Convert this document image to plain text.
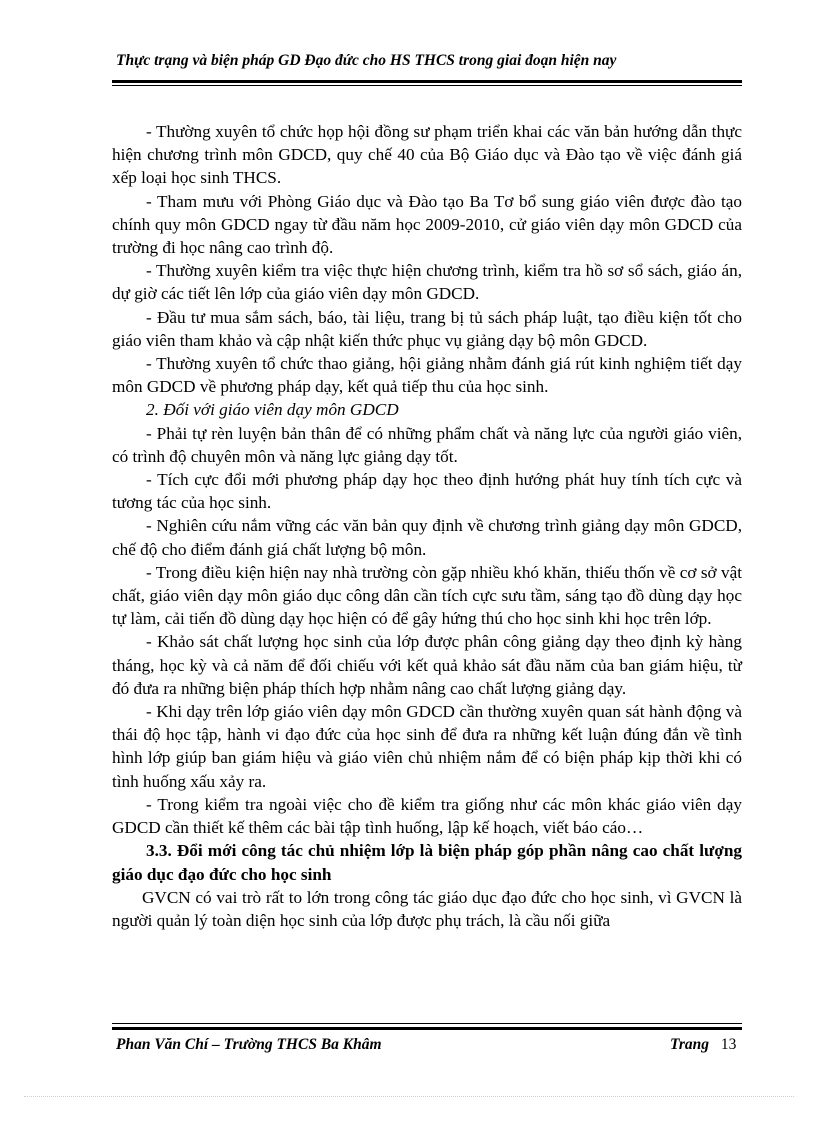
Thực trạng và biện pháp GD Đạo đức cho HS THCS trong giai đoạn hiện nay

- Thường xuyên tổ chức họp hội đồng sư phạm triển khai các văn bản hướng dẫn thực hiện chương trình môn GDCD, quy chế 40 của Bộ Giáo dục và Đào tạo về việc đánh giá xếp loại học sinh THCS.

- Tham mưu với Phòng Giáo dục và Đào tạo Ba Tơ bổ sung giáo viên được đào tạo chính quy môn GDCD ngay từ đầu năm học 2009-2010, cử giáo viên dạy môn GDCD của trường đi học nâng cao trình độ.

- Thường xuyên kiểm tra việc thực hiện chương trình, kiểm tra hồ sơ sổ sách, giáo án, dự giờ các tiết lên lớp của giáo viên dạy môn GDCD.

- Đầu tư mua sắm sách, báo, tài liệu, trang bị tủ sách pháp luật, tạo điều kiện tốt cho giáo viên tham khảo và cập nhật kiến thức phục vụ giảng dạy bộ môn GDCD.

- Thường xuyên tổ chức thao giảng, hội giảng nhằm đánh giá rút kinh nghiệm tiết dạy môn GDCD về phương pháp dạy, kết quả tiếp thu của học sinh.

2. Đối với giáo viên dạy môn GDCD

- Phải tự rèn luyện bản thân để có những phẩm chất và năng lực của người giáo viên, có trình độ chuyên môn và năng lực giảng dạy tốt.

- Tích cực đổi mới phương pháp dạy học theo định hướng phát huy tính tích cực và tương tác của học sinh.

- Nghiên cứu nắm vững các văn bản quy định về chương trình giảng dạy môn GDCD, chế độ cho điểm đánh giá chất lượng bộ môn.

- Trong điều kiện hiện nay nhà trường còn gặp nhiều khó khăn, thiếu thốn về cơ sở vật chất, giáo viên dạy môn giáo dục công dân cần tích cực sưu tầm, sáng tạo đồ dùng dạy học tự làm, cải tiến đồ dùng dạy học hiện có để gây hứng thú cho học sinh khi học trên lớp.

- Khảo sát chất lượng học sinh của lớp được phân công giảng dạy theo định kỳ hàng tháng, học kỳ và cả năm để đối chiếu với kết quả khảo sát đầu năm của ban giám hiệu, từ đó đưa ra những biện pháp thích hợp nhằm nâng cao chất lượng giảng dạy.

- Khi dạy trên lớp giáo viên dạy môn GDCD cần thường xuyên quan sát hành động và thái độ học tập, hành vi đạo đức của học sinh để đưa ra những kết luận đúng đắn về tình hình lớp giúp ban giám hiệu và giáo viên chủ nhiệm nắm để có biện pháp kịp thời khi có tình huống xấu xảy ra.

- Trong kiểm tra ngoài việc cho đề kiểm tra giống như các môn khác giáo viên dạy GDCD cần thiết kế thêm các bài tập tình huống, lập kế hoạch, viết báo cáo…

3.3. Đổi mới công tác chủ nhiệm lớp là biện pháp góp phần nâng cao chất lượng giáo dục đạo đức cho học sinh

GVCN có vai trò rất to lớn trong công tác giáo dục đạo đức cho học sinh, vì GVCN là người quản lý toàn diện học sinh của lớp được phụ trách, là cầu nối giữa

Phan Văn Chí – Trường THCS Ba Khâm	Trang 13
